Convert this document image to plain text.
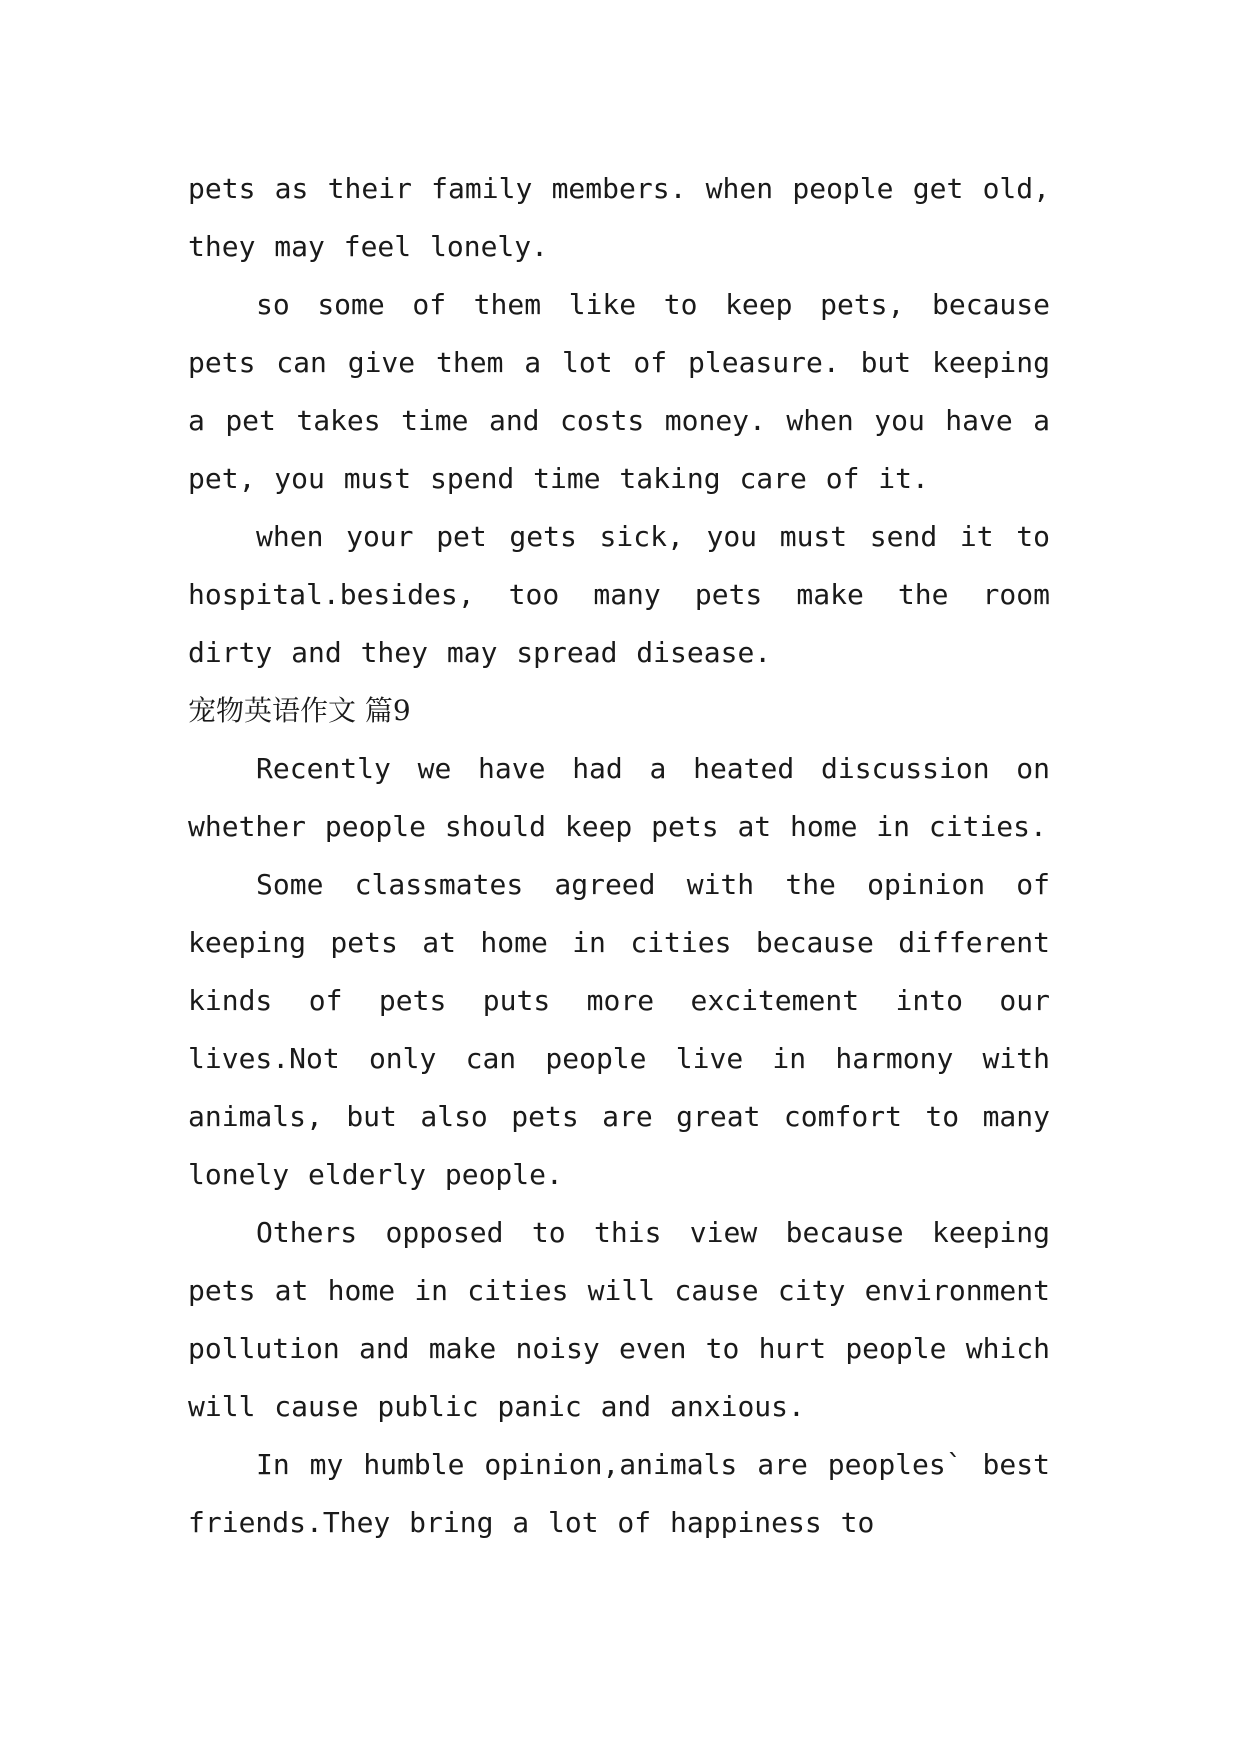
pets as their family members. when people get old, they may feel lonely.

so some of them like to keep pets, because pets can give them a lot of pleasure. but keeping a pet takes time and costs money. when you have a pet, you must spend time taking care of it.

when your pet gets sick, you must send it to hospital.besides, too many pets make the room dirty and they may spread disease.

宠物英语作文 篇9

Recently we have had a heated discussion on whether people should keep pets at home in cities.

Some classmates agreed with the opinion of keeping pets at home in cities because different kinds of pets puts more excitement into our lives.Not only can people live in harmony with animals, but also pets are great comfort to many lonely elderly people.

Others opposed to this view because keeping pets at home in cities will cause city environment pollution and make noisy even to hurt people which will cause public panic and anxious.

In my humble opinion,animals are peoples` best friends.They bring a lot of happiness to
